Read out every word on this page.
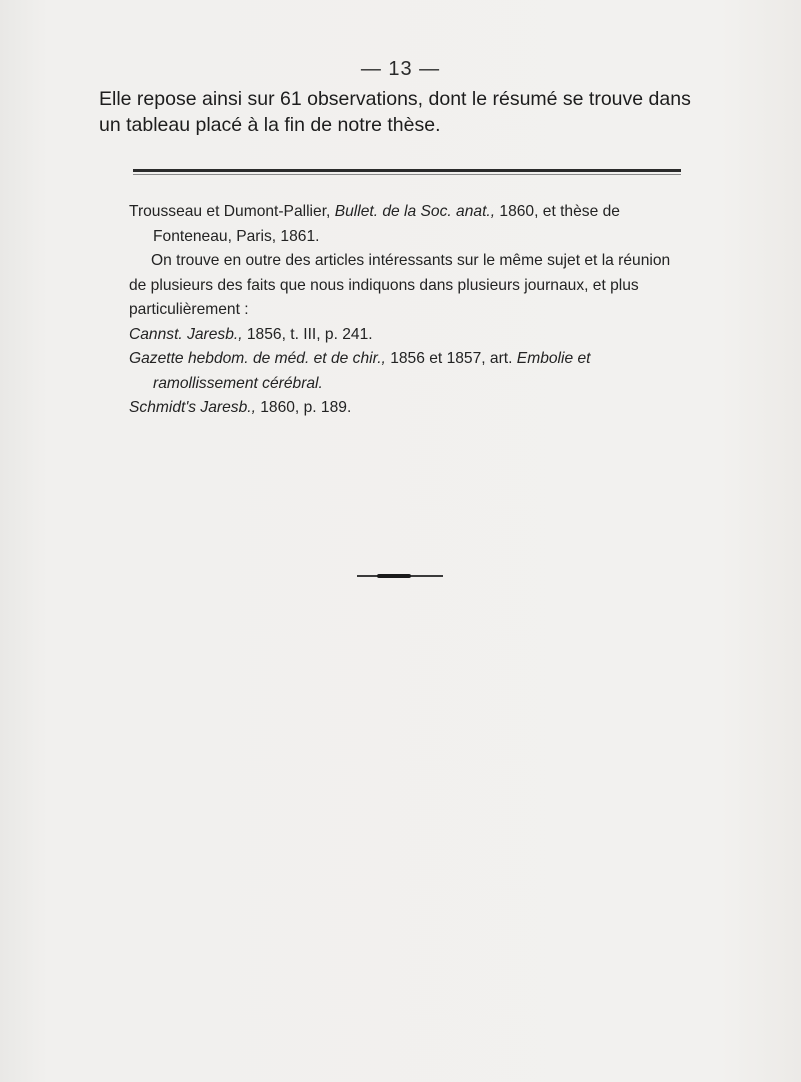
— 13 —
Elle repose ainsi sur 61 observations, dont le résumé se trouve dans un tableau placé à la fin de notre thèse.

Trousseau et Dumont-Pallier, Bullet. de la Soc. anat., 1860, et thèse de Fonteneau, Paris, 1861.

On trouve en outre des articles intéressants sur le même sujet et la réunion de plusieurs des faits que nous indiquons dans plusieurs journaux, et plus particulièrement :

Cannst. Jaresb., 1856, t. III, p. 241.

Gazette hebdom. de méd. et de chir., 1856 et 1857, art. Embolie et ramollissement cérébral.

Schmidt's Jaresb., 1860, p. 189.
